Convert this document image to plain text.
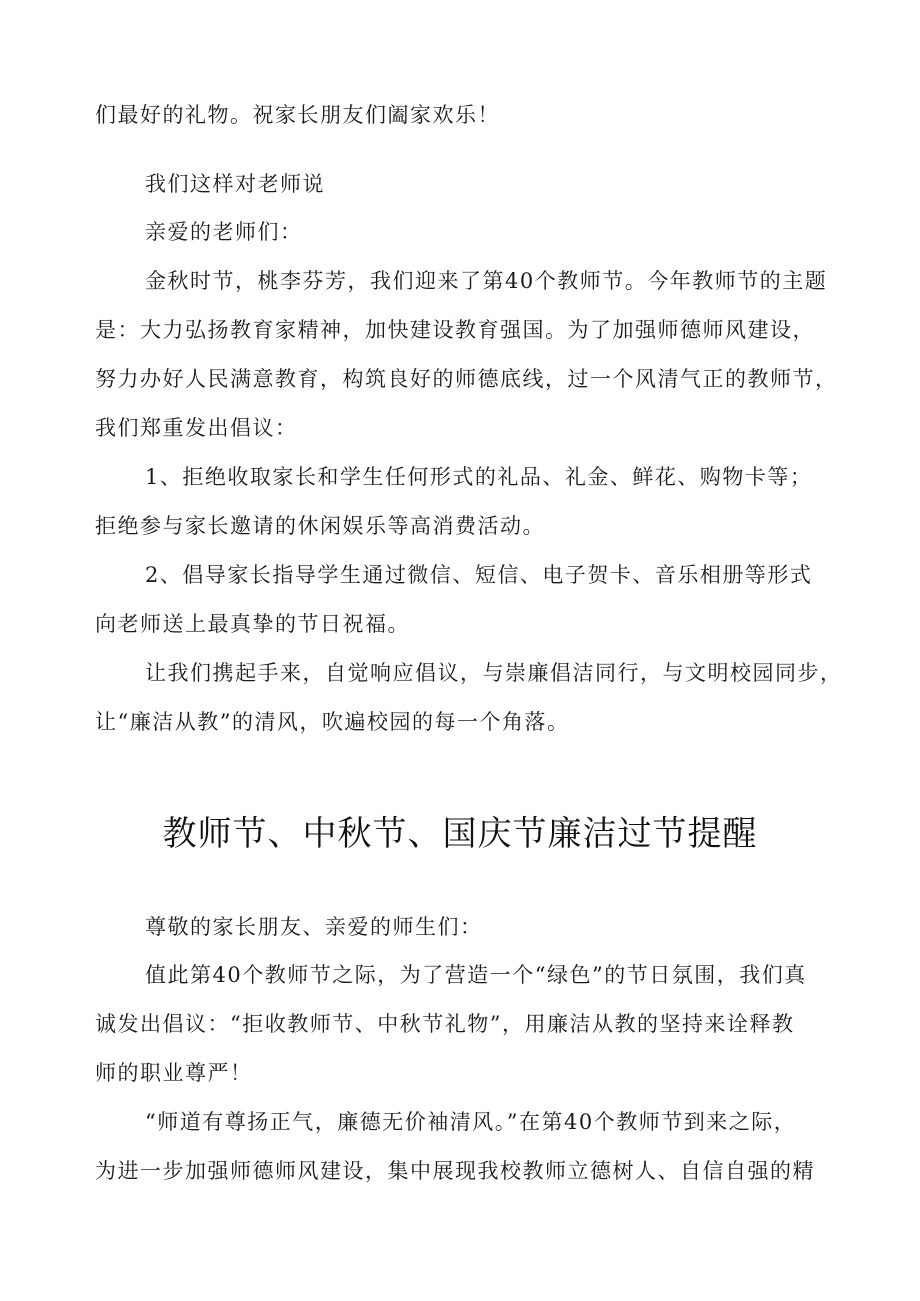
们最好的礼物。祝家长朋友们阖家欢乐！
我们这样对老师说
亲爱的老师们：
金秋时节，桃李芬芳，我们迎来了第40个教师节。今年教师节的主题
是：大力弘扬教育家精神，加快建设教育强国。为了加强师德师风建设，
努力办好人民满意教育，构筑良好的师德底线，过一个风清气正的教师节，
我们郑重发出倡议：
1、拒绝收取家长和学生任何形式的礼品、礼金、鲜花、购物卡等；
拒绝参与家长邀请的休闲娱乐等高消费活动。
2、倡导家长指导学生通过微信、短信、电子贺卡、音乐相册等形式
向老师送上最真挚的节日祝福。
让我们携起手来，自觉响应倡议，与崇廉倡洁同行，与文明校园同步，
让“廉洁从教”的清风，吹遍校园的每一个角落。
教师节、中秋节、国庆节廉洁过节提醒
尊敬的家长朋友、亲爱的师生们：
值此第40个教师节之际，为了营造一个“绿色”的节日氛围，我们真
诚发出倡议：“拒收教师节、中秋节礼物”，用廉洁从教的坚持来诠释教
师的职业尊严！
“师道有尊扬正气，廉德无价袖清风。”在第40个教师节到来之际，
为进一步加强师德师风建设，集中展现我校教师立德树人、自信自强的精
